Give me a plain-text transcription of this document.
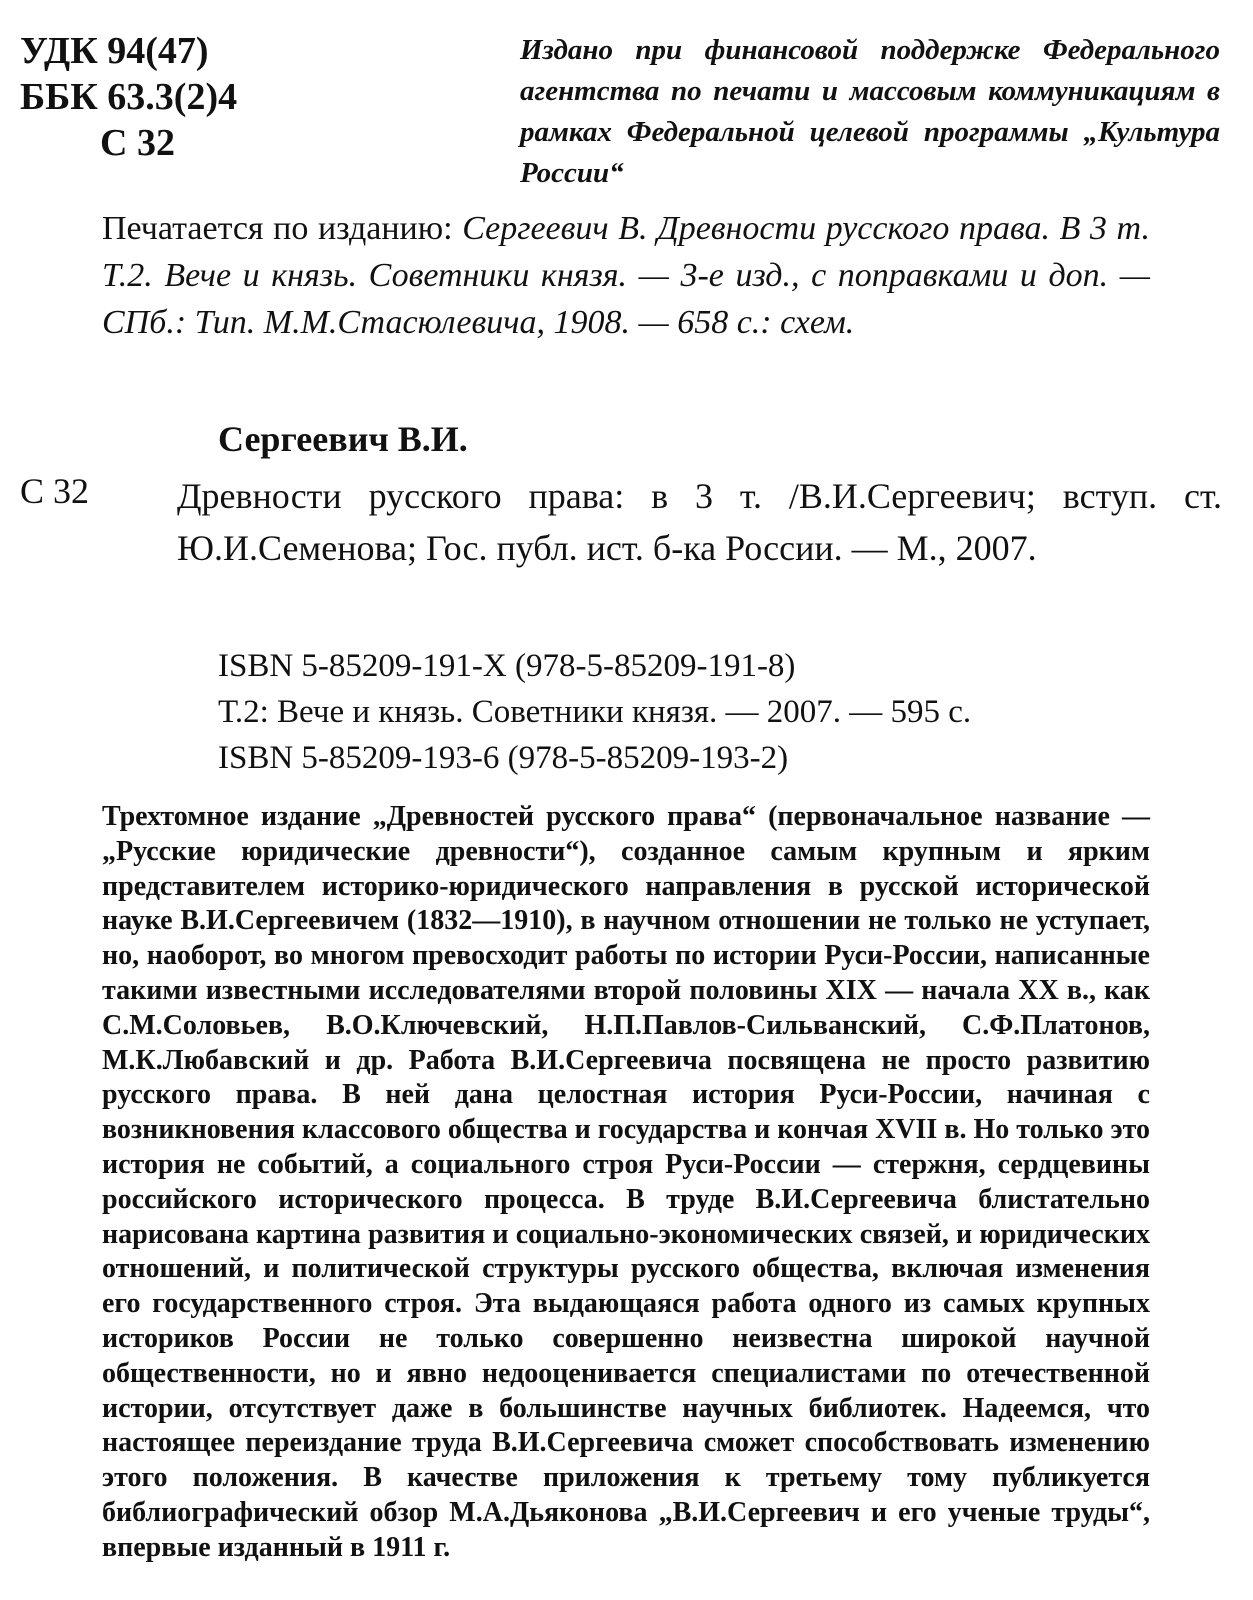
УДК 94(47)
ББК 63.3(2)4
С 32
Издано при финансовой поддержке Федерального агентства по печати и массовым коммуникациям в рамках Федеральной целевой программы „Культура России“
Печатается по изданию: Сергеевич В. Древности русского права. В 3 т. Т.2. Вече и князь. Советники князя. — 3-е изд., с поправками и доп. — СПб.: Тип. М.М.Стасюлевича, 1908. — 658 с.: схем.
Сергеевич В.И.
С 32	Древности русского права: в 3 т. /В.И.Сергеевич; вступ. ст. Ю.И.Семенова; Гос. публ. ист. б-ка России. — М., 2007.
ISBN 5-85209-191-X (978-5-85209-191-8)
Т.2: Вече и князь. Советники князя. — 2007. — 595 с.
ISBN 5-85209-193-6 (978-5-85209-193-2)
Трехтомное издание „Древностей русского права“ (первоначальное название — „Русские юридические древности“), созданное самым крупным и ярким представителем историко-юридического направления в русской исторической науке В.И.Сергеевичем (1832—1910), в научном отношении не только не уступает, но, наоборот, во многом превосходит работы по истории Руси-России, написанные такими известными исследователями второй половины XIX — начала XX в., как С.М.Соловьев, В.О.Ключевский, Н.П.Павлов-Сильванский, С.Ф.Платонов, М.К.Любавский и др. Работа В.И.Сергеевича посвящена не просто развитию русского права. В ней дана целостная история Руси-России, начиная с возникновения классового общества и государства и кончая XVII в. Но только это история не событий, а социального строя Руси-России — стержня, сердцевины российского исторического процесса. В труде В.И.Сергеевича блистательно нарисована картина развития и социально-экономических связей, и юридических отношений, и политической структуры русского общества, включая изменения его государственного строя. Эта выдающаяся работа одного из самых крупных историков России не только совершенно неизвестна широкой научной общественности, но и явно недооценивается специалистами по отечественной истории, отсутствует даже в большинстве научных библиотек. Надеемся, что настоящее переиздание труда В.И.Сергеевича сможет способствовать изменению этого положения. В качестве приложения к третьему тому публикуется библиографический обзор М.А.Дьяконова „В.И.Сергеевич и его ученые труды“, впервые изданный в 1911 г.
